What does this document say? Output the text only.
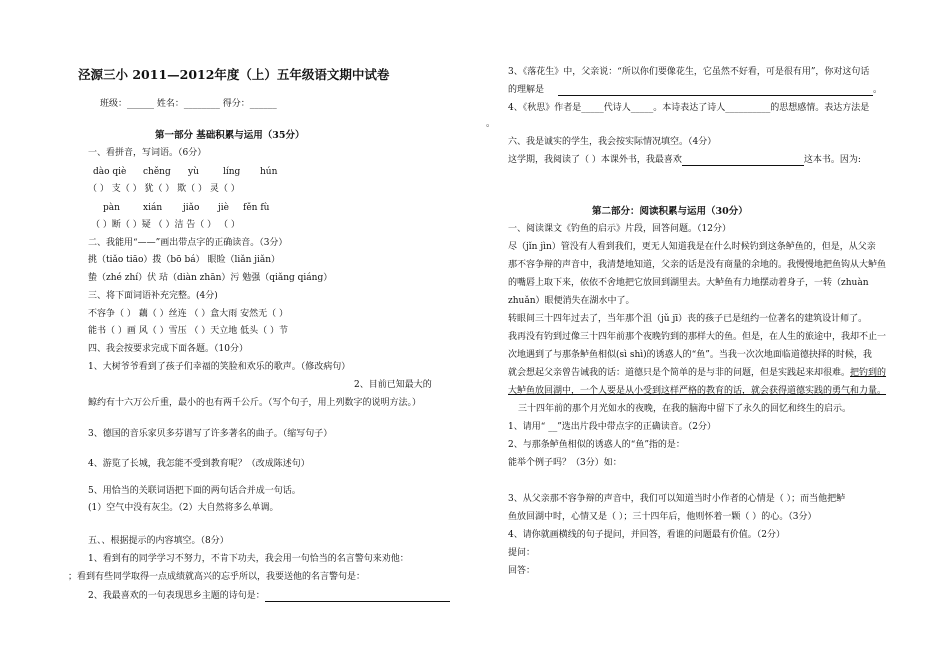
泾源三小 2011—2012年度（上）五年级语文期中试卷
班级：______ 姓名：________ 得分：______
第一部分 基础积累与运用（35分）
一、看拼音，写词语。（6分）
dào qiè chěng yù	líng hún
（ ） 支（ ） 犹（ ） 欺（ ） 灵（ ）
pàn	xián jiǎo jiè fěn fù
（ ）断（ ）疑 （ ）洁 告（ ） （ ）
二、我能用“——”画出带点字的正确读音。（3分）
挑（tiǎo tiāo）拨（bō bá） 眼睑（liǎn jiǎn）
蛰（zhé zhí）伏 玷（diàn zhān）污 勉强（qiǎng qiáng）
三、将下面词语补充完整。(4分)
不容争（ ） 藕（ ）丝连 （ ）盒大雨 安然无（ ）
能书（ ）画 风（ ）雪压 （ ）天立地 低头（ ）节
四、我会按要求完成下面各题。（10分）
1、大树爷爷看到了孩子们幸福的笑脸和欢乐的歌声。（修改病句）
2、目前已知最大的
鲸约有十六万公斤重，最小的也有两千公斤。（写个句子，用上列数字的说明方法。）
3、德国的音乐家贝多芬谱写了许多著名的曲子。（缩写句子）
4、游览了长城，我怎能不受到教育呢？（改成陈述句）
5、用恰当的关联词语把下面的两句话合并成一句话。
(1）空气中没有灰尘。（2）大自然将多么单调。
五、、根据提示的内容填空。（8分）
1、看到有的同学学习不努力，不肯下功夫，我会用一句恰当的名言警句来劝他：
；看到有些同学取得一点成绩就高兴的忘乎所以，我要送他的名言警句是：
2、我最喜欢的一句表现思乡主题的诗句是：
3、《落花生》中，父亲说：“所以你们要像花生，它虽然不好看，可是很有用”，你对这句话
的理解是	。
4、《秋思》作者是_____代诗人_____。本诗表达了诗人__________的思想感情。表达方法是
。
六、我是诚实的学生，我会按实际情况填空。（4分）
这学期，我阅读了（ ）本课外书，我最喜欢	这本书。因为:
第二部分：阅读积累与运用（30分）
一、阅读课文《钓鱼的启示》片段，回答问题。（12分）
尽（jǐn jìn）管没有人看到我们，更无人知道我是在什么时候钓到这条鲈鱼的，但是，从父亲
那不容争辩的声音中，我清楚地知道，父亲的话是没有商量的余地的。我慢慢地把鱼钩从大鲈鱼
的嘴唇上取下来，依依不舍地把它放回到湖里去。大鲈鱼有力地摆动着身子，一转（zhuàn
zhuǎn）眼便消失在湖水中了。
转眼间三十四年过去了，当年那个沮（jǔ jī）丧的孩子已是纽约一位著名的建筑设计师了。
我再没有钓到过像三十四年前那个夜晚钓到的那样大的鱼。但是，在人生的旅途中，我却不止一
次地遇到了与那条鲈鱼相似(sì shì)的诱惑人的“鱼”。当我一次次地面临道德抉择的时候，我
就会想起父亲曾告诫我的话：道德只是个简单的是与非的问题，但是实践起来却很难。把钓到的
大鲈鱼放回湖中，一个人要是从小受到这样严格的教育的话，就会获得道德实践的勇气和力量。
三十四年前的那个月光如水的夜晚，在我的脑海中留下了永久的回忆和终生的启示。
1、请用“ __”选出片段中带点字的正确读音。（2分）
2、与那条鲈鱼相似的诱惑人的“鱼”指的是：
能举个例子吗？（3分）如：
3、从父亲那不容争辩的声音中，我们可以知道当时小作者的心情是（ ）；而当他把鲈
鱼放回湖中时，心情又是（ ）；三十四年后，他则怀着一颗（ ）的心。（3分）
4、请你就画横线的句子提问，并回答，看谁的问题最有价值。（2分）
提问：
回答：
